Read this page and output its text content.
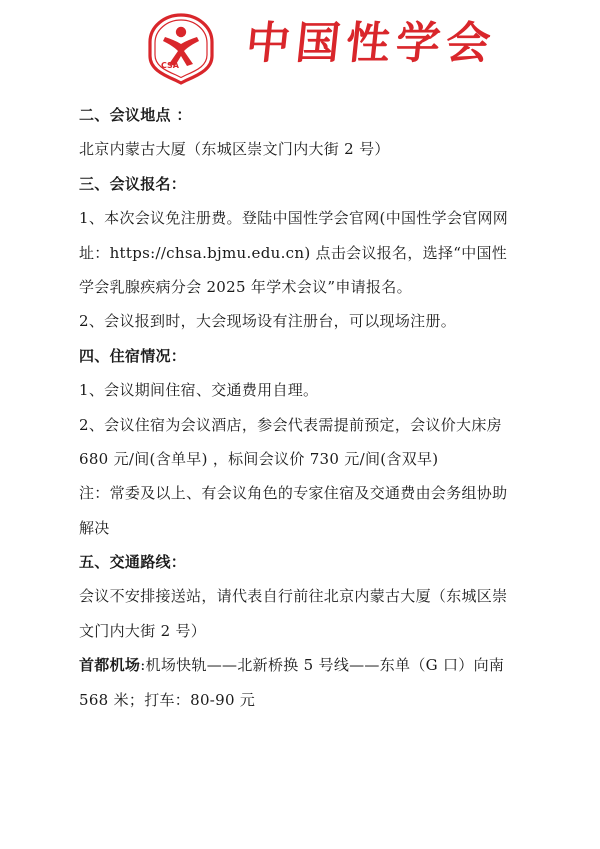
CSA 中国性学会
二、会议地点 ：
北京内蒙古大厦（东城区崇文门内大街 2 号）
三、会议报名：
1、本次会议免注册费。登陆中国性学会官网(中国性学会官网网
址：https://chsa.bjmu.edu.cn) 点击会议报名，选择“中国性
学会乳腺疾病分会 2025 年学术会议”申请报名。
2、会议报到时，大会现场设有注册台，可以现场注册。
四、住宿情况：
1、会议期间住宿、交通费用自理。
2、会议住宿为会议酒店，参会代表需提前预定，会议价大床房
680 元/间(含单早) ，标间会议价 730 元/间(含双早)
注：常委及以上、有会议角色的专家住宿及交通费由会务组协助
解决
五、交通路线：
会议不安排接送站，请代表自行前往北京内蒙古大厦（东城区崇
文门内大街 2 号）
首都机场:机场快轨——北新桥换 5 号线——东单（G 口）向南
568 米；打车：80-90 元
